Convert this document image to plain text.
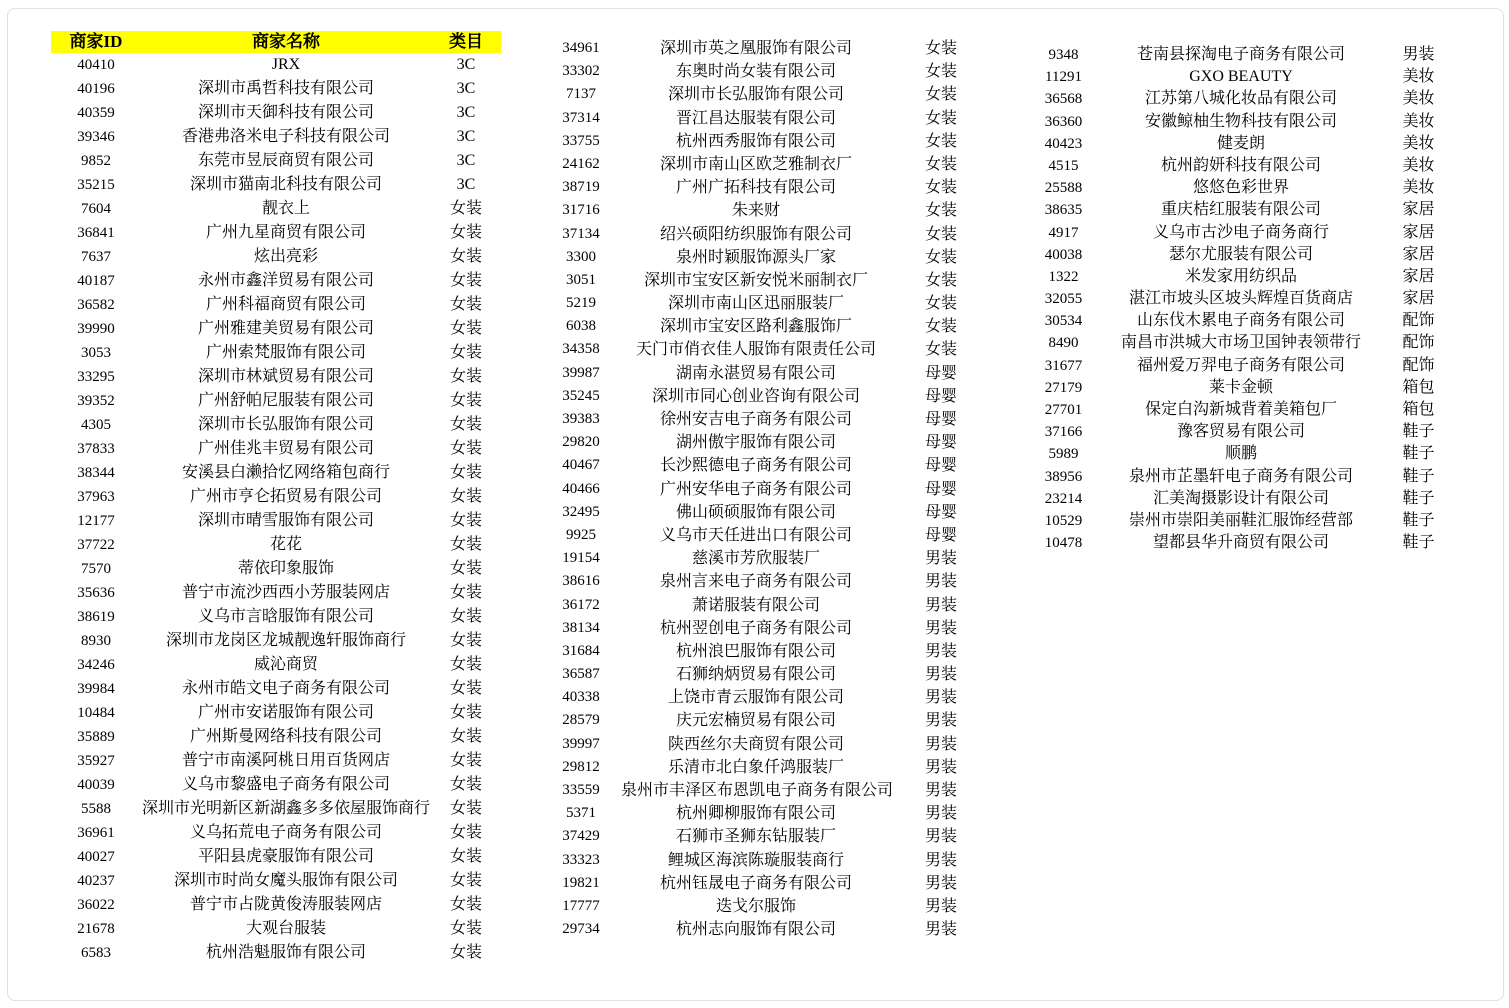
商家ID	商家名称	类目
40410	JRX	3C
40196	深圳市禹哲科技有限公司	3C
40359	深圳市天御科技有限公司	3C
39346	香港弗洛米电子科技有限公司	3C
9852	东莞市昱辰商贸有限公司	3C
35215	深圳市猫南北科技有限公司	3C
7604	靓衣上	女装
36841	广州九星商贸有限公司	女装
7637	炫出亮彩	女装
40187	永州市鑫洋贸易有限公司	女装
36582	广州科福商贸有限公司	女装
39990	广州雅建美贸易有限公司	女装
3053	广州索梵服饰有限公司	女装
33295	深圳市林斌贸易有限公司	女装
39352	广州舒帕尼服装有限公司	女装
4305	深圳市长弘服饰有限公司	女装
37833	广州佳兆丰贸易有限公司	女装
38344	安溪县白濑拾忆网络箱包商行	女装
37963	广州市亨仑拓贸易有限公司	女装
12177	深圳市晴雪服饰有限公司	女装
37722	花花	女装
7570	蒂依印象服饰	女装
35636	普宁市流沙西西小芳服装网店	女装
38619	义乌市言晗服饰有限公司	女装
8930	深圳市龙岗区龙城靓逸轩服饰商行	女装
34246	威沁商贸	女装
39984	永州市皓文电子商务有限公司	女装
10484	广州市安诺服饰有限公司	女装
35889	广州斯曼网络科技有限公司	女装
35927	普宁市南溪阿桃日用百货网店	女装
40039	义乌市黎盛电子商务有限公司	女装
5588	深圳市光明新区新湖鑫多多依屋服饰商行	女装
36961	义乌拓荒电子商务有限公司	女装
40027	平阳县虎豪服饰有限公司	女装
40237	深圳市时尚女魔头服饰有限公司	女装
36022	普宁市占陇黄俊涛服装网店	女装
21678	大观台服装	女装
6583	杭州浩魁服饰有限公司	女装
34961	深圳市英之凰服饰有限公司	女装
33302	东奥时尚女装有限公司	女装
7137	深圳市长弘服饰有限公司	女装
37314	晋江昌达服装有限公司	女装
33755	杭州西秀服饰有限公司	女装
24162	深圳市南山区欧芝雅制衣厂	女装
38719	广州广拓科技有限公司	女装
31716	朱来财	女装
37134	绍兴硕阳纺织服饰有限公司	女装
3300	泉州时颖服饰源头厂家	女装
3051	深圳市宝安区新安悦米丽制衣厂	女装
5219	深圳市南山区迅丽服装厂	女装
6038	深圳市宝安区路利鑫服饰厂	女装
34358	天门市俏衣佳人服饰有限责任公司	女装
39987	湖南永湛贸易有限公司	母婴
35245	深圳市同心创业咨询有限公司	母婴
39383	徐州安吉电子商务有限公司	母婴
29820	湖州傲宇服饰有限公司	母婴
40467	长沙熙德电子商务有限公司	母婴
40466	广州安华电子商务有限公司	母婴
32495	佛山硕硕服饰有限公司	母婴
9925	义乌市天任进出口有限公司	母婴
19154	慈溪市芳欣服装厂	男装
38616	泉州言来电子商务有限公司	男装
36172	萧诺服装有限公司	男装
38134	杭州翌创电子商务有限公司	男装
31684	杭州浪巴服饰有限公司	男装
36587	石狮纳炳贸易有限公司	男装
40338	上饶市青云服饰有限公司	男装
28579	庆元宏楠贸易有限公司	男装
39997	陕西丝尔夫商贸有限公司	男装
29812	乐清市北白象仟鸿服装厂	男装
33559	泉州市丰泽区布恩凯电子商务有限公司	男装
5371	杭州卿柳服饰有限公司	男装
37429	石狮市圣狮东钻服装厂	男装
33323	鲤城区海滨陈璇服装商行	男装
19821	杭州钰晟电子商务有限公司	男装
17777	迭戈尔服饰	男装
29734	杭州志向服饰有限公司	男装
9348	苍南县探淘电子商务有限公司	男装
11291	GXO BEAUTY	美妆
36568	江苏第八城化妆品有限公司	美妆
36360	安徽鲸柚生物科技有限公司	美妆
40423	健麦朗	美妆
4515	杭州韵妍科技有限公司	美妆
25588	悠悠色彩世界	美妆
38635	重庆桔红服装有限公司	家居
4917	义乌市古沙电子商务商行	家居
40038	瑟尔尤服装有限公司	家居
1322	米发家用纺织品	家居
32055	湛江市坡头区坡头辉煌百货商店	家居
30534	山东伐木累电子商务有限公司	配饰
8490	南昌市洪城大市场卫国钟表领带行	配饰
31677	福州爱万羿电子商务有限公司	配饰
27179	莱卡金顿	箱包
27701	保定白沟新城背着美箱包厂	箱包
37166	豫客贸易有限公司	鞋子
5989	顺鹏	鞋子
38956	泉州市芷墨轩电子商务有限公司	鞋子
23214	汇美淘摄影设计有限公司	鞋子
10529	崇州市崇阳美丽鞋汇服饰经营部	鞋子
10478	望都县华升商贸有限公司	鞋子
